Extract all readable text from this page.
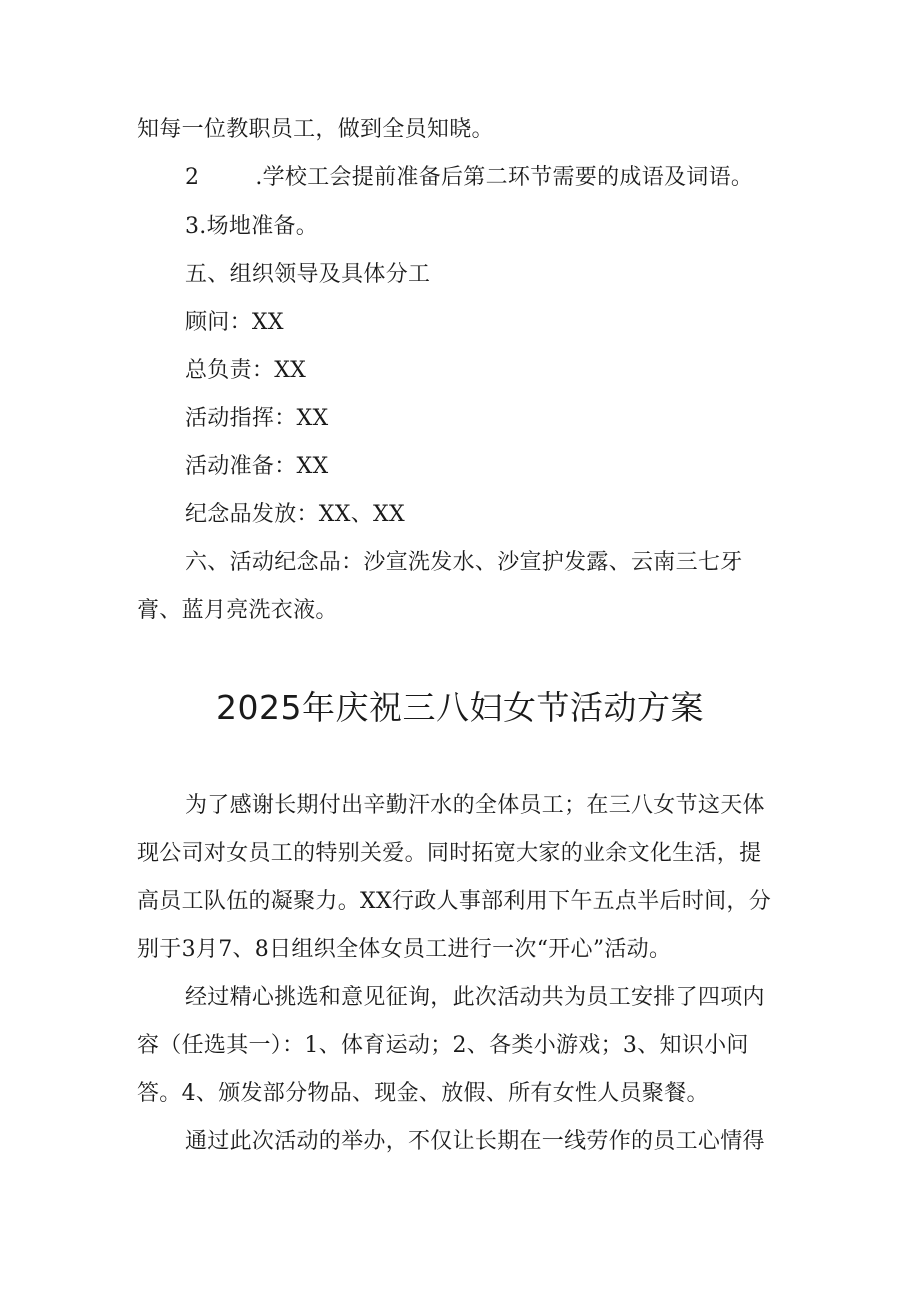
知每一位教职员工，做到全员知晓。
2	.学校工会提前准备后第二环节需要的成语及词语。
3.场地准备。
五、组织领导及具体分工
顾问：XX
总负责：XX
活动指挥：XX
活动准备：XX
纪念品发放：XX、XX
六、活动纪念品：沙宣洗发水、沙宣护发露、云南三七牙
膏、蓝月亮洗衣液。
2025年庆祝三八妇女节活动方案
为了感谢长期付出辛勤汗水的全体员工；在三八女节这天体
现公司对女员工的特别关爱。同时拓宽大家的业余文化生活，提
高员工队伍的凝聚力。XX行政人事部利用下午五点半后时间，分
别于3月7、8日组织全体女员工进行一次“开心”活动。
经过精心挑选和意见征询，此次活动共为员工安排了四项内
容（任选其一）：1、体育运动；2、各类小游戏；3、知识小问
答。4、颁发部分物品、现金、放假、所有女性人员聚餐。
通过此次活动的举办，不仅让长期在一线劳作的员工心情得
